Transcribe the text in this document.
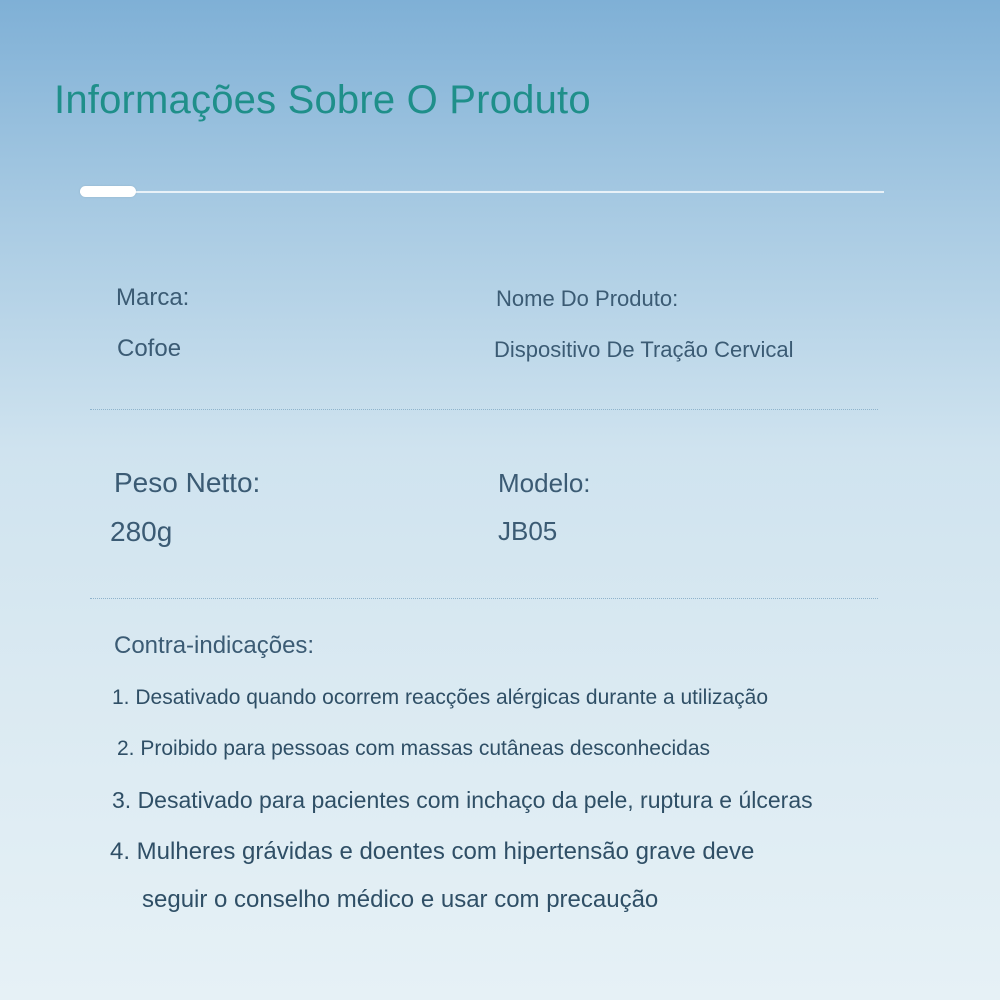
Informações Sobre O Produto
Marca:
Cofoe
Nome Do Produto:
Dispositivo De Tração Cervical
Peso Netto:
280g
Modelo:
JB05
Contra-indicações:
1. Desativado quando ocorrem reacções alérgicas durante a utilização
2. Proibido para pessoas com massas cutâneas desconhecidas
3. Desativado para pacientes com inchaço da pele, ruptura e úlceras
4. Mulheres grávidas e doentes com hipertensão grave deve
seguir o conselho médico e usar com precaução
